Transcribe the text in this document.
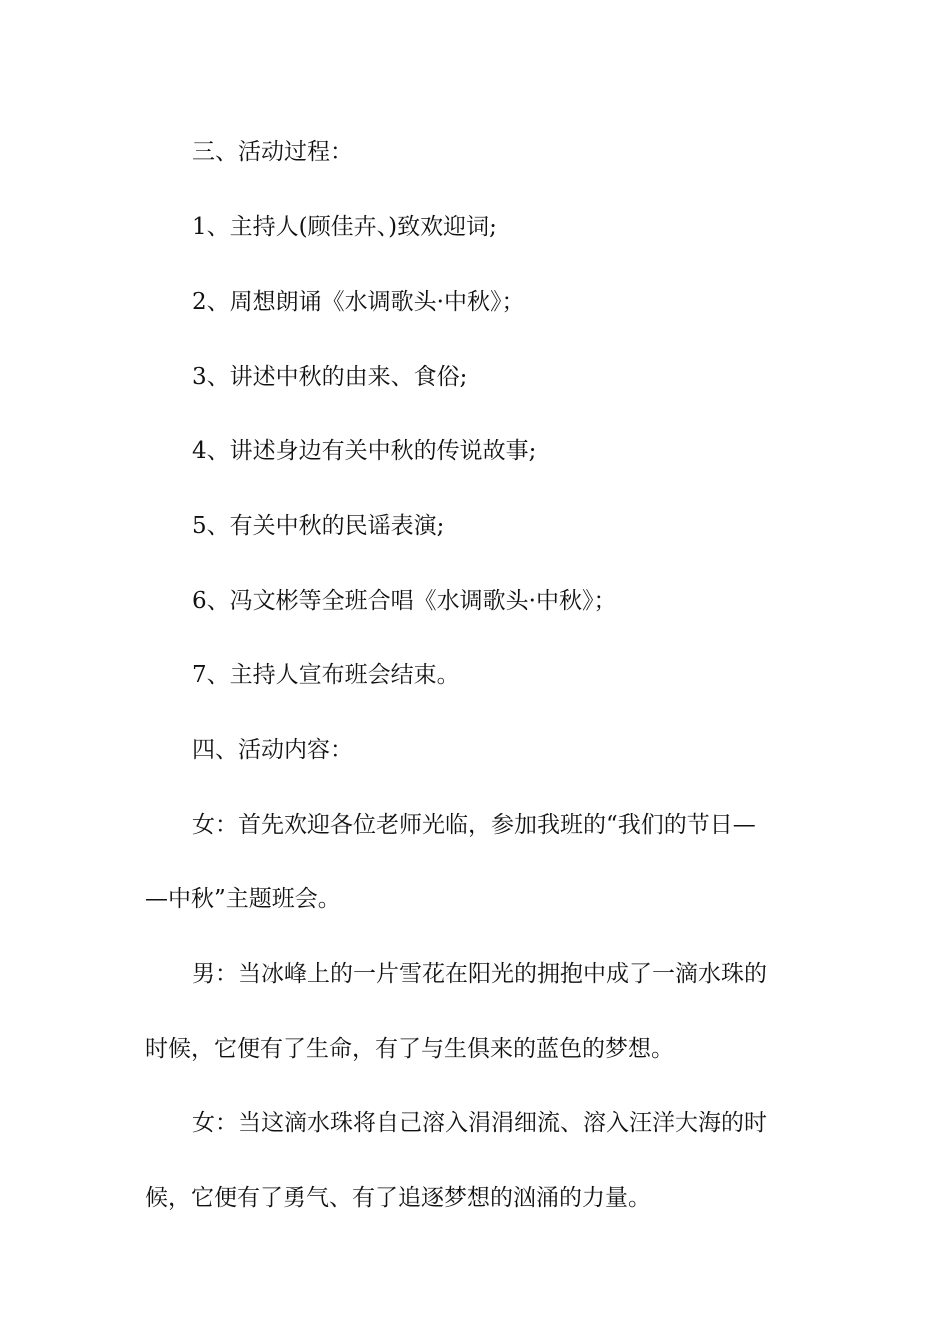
三、活动过程：
1、主持人(顾佳卉、)致欢迎词;
2、周想朗诵《水调歌头·中秋》；
3、讲述中秋的由来、食俗;
4、讲述身边有关中秋的传说故事;
5、有关中秋的民谣表演;
6、冯文彬等全班合唱《水调歌头·中秋》；
7、主持人宣布班会结束。
四、活动内容：
女：首先欢迎各位老师光临，参加我班的“我们的节日—
—中秋”主题班会。
男：当冰峰上的一片雪花在阳光的拥抱中成了一滴水珠的
时候，它便有了生命，有了与生俱来的蓝色的梦想。
女：当这滴水珠将自己溶入涓涓细流、溶入汪洋大海的时
候，它便有了勇气、有了追逐梦想的汹涌的力量。
